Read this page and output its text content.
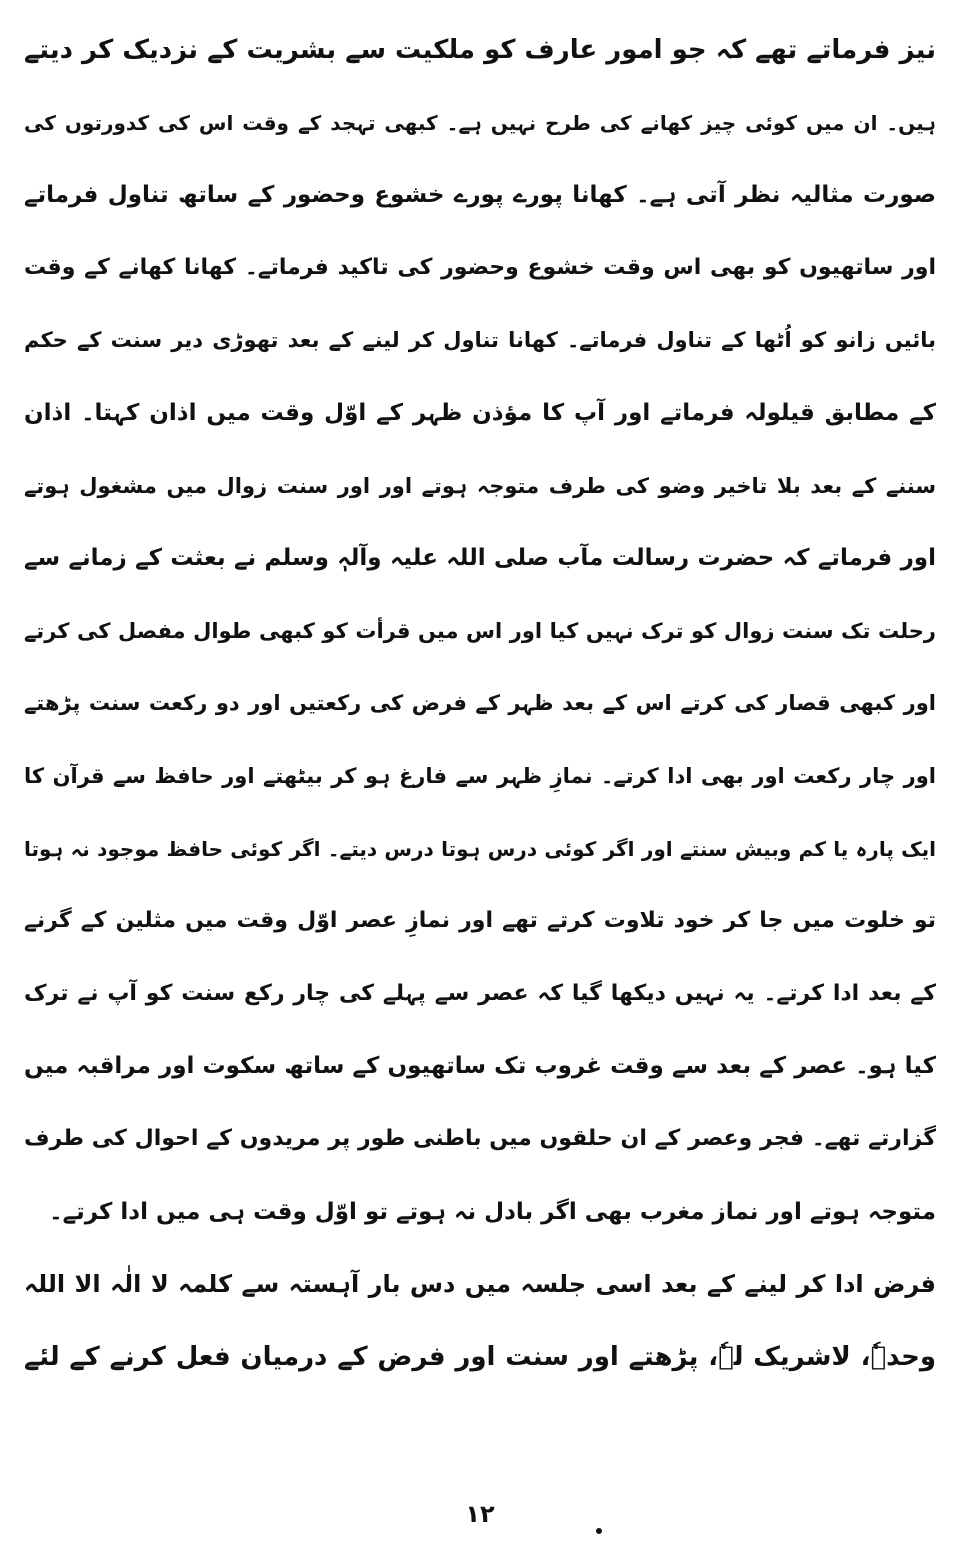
نیز فرماتے تھے کہ جو امور عارف کو ملکیت سے بشریت کے نزدیک کر دیتے
ہیں۔ ان میں کوئی چیز کھانے کی طرح نہیں ہے۔ کبھی تہجد کے وقت اس کی کدورتوں کی
صورت مثالیہ نظر آتی ہے۔ کھانا پورے پورے خشوع وحضور کے ساتھ تناول فرماتے
اور ساتھیوں کو بھی اس وقت خشوع وحضور کی تاکید فرماتے۔ کھانا کھانے کے وقت
بائیں زانو کو اُٹھا کے تناول فرماتے۔ کھانا تناول کر لینے کے بعد تھوڑی دیر سنت کے حکم
کے مطابق قیلولہ فرماتے اور آپ کا مؤذن ظہر کے اوّل وقت میں اذان کہتا۔ اذان
سننے کے بعد بلا تاخیر وضو کی طرف متوجہ ہوتے اور اور سنت زوال میں مشغول ہوتے
اور فرماتے کہ حضرت رسالت مآب صلی اللہ علیہ وآلہٖ وسلم نے بعثت کے زمانے سے
رحلت تک سنت زوال کو ترک نہیں کیا اور اس میں قرأت کو کبھی طوال مفصل کی کرتے
اور کبھی قصار کی کرتے اس کے بعد ظہر کے فرض کی رکعتیں اور دو رکعت سنت پڑھتے
اور چار رکعت اور بھی ادا کرتے۔ نمازِ ظہر سے فارغ ہو کر بیٹھتے اور حافظ سے قرآن کا
ایک پارہ یا کم وبیش سنتے اور اگر کوئی درس ہوتا درس دیتے۔ اگر کوئی حافظ موجود نہ ہوتا
تو خلوت میں جا کر خود تلاوت کرتے تھے اور نمازِ عصر اوّل وقت میں مثلین کے گرنے
کے بعد ادا کرتے۔ یہ نہیں دیکھا گیا کہ عصر سے پہلے کی چار رکع سنت کو آپ نے ترک
کیا ہو۔ عصر کے بعد سے وقت غروب تک ساتھیوں کے ساتھ سکوت اور مراقبہ میں
گزارتے تھے۔ فجر وعصر کے ان حلقوں میں باطنی طور پر مریدوں کے احوال کی طرف
متوجہ ہوتے اور نماز مغرب بھی اگر بادل نہ ہوتے تو اوّل وقت ہی میں ادا کرتے۔
فرض ادا کر لینے کے بعد اسی جلسہ میں دس بار آہستہ سے کلمہ لا الٰہ الا اللہ
وحدہٗ، لاشریک لہٗ، پڑھتے اور سنت اور فرض کے درمیان فعل کرنے کے لئے
۱۲
